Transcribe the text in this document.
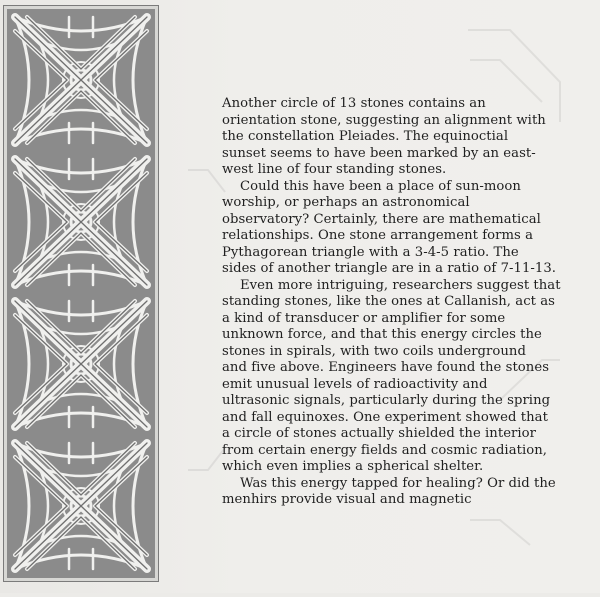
Another circle of 13 stones contains an
orientation stone, suggesting an alignment with
the constellation Pleiades. The equinoctial
sunset seems to have been marked by an east-
west line of four standing stones.

Could this have been a place of sun-moon
worship, or perhaps an astronomical
observatory? Certainly, there are mathematical
relationships. One stone arrangement forms a
Pythagorean triangle with a 3-4-5 ratio. The
sides of another triangle are in a ratio of 7-11-13.

Even more intriguing, researchers suggest that
standing stones, like the ones at Callanish, act as
a kind of transducer or amplifier for some
unknown force, and that this energy circles the
stones in spirals, with two coils underground
and five above. Engineers have found the stones
emit unusual levels of radioactivity and
ultrasonic signals, particularly during the spring
and fall equinoxes. One experiment showed that
a circle of stones actually shielded the interior
from certain energy fields and cosmic radiation,
which even implies a spherical shelter.

Was this energy tapped for healing? Or did the
menhirs provide visual and magnetic
